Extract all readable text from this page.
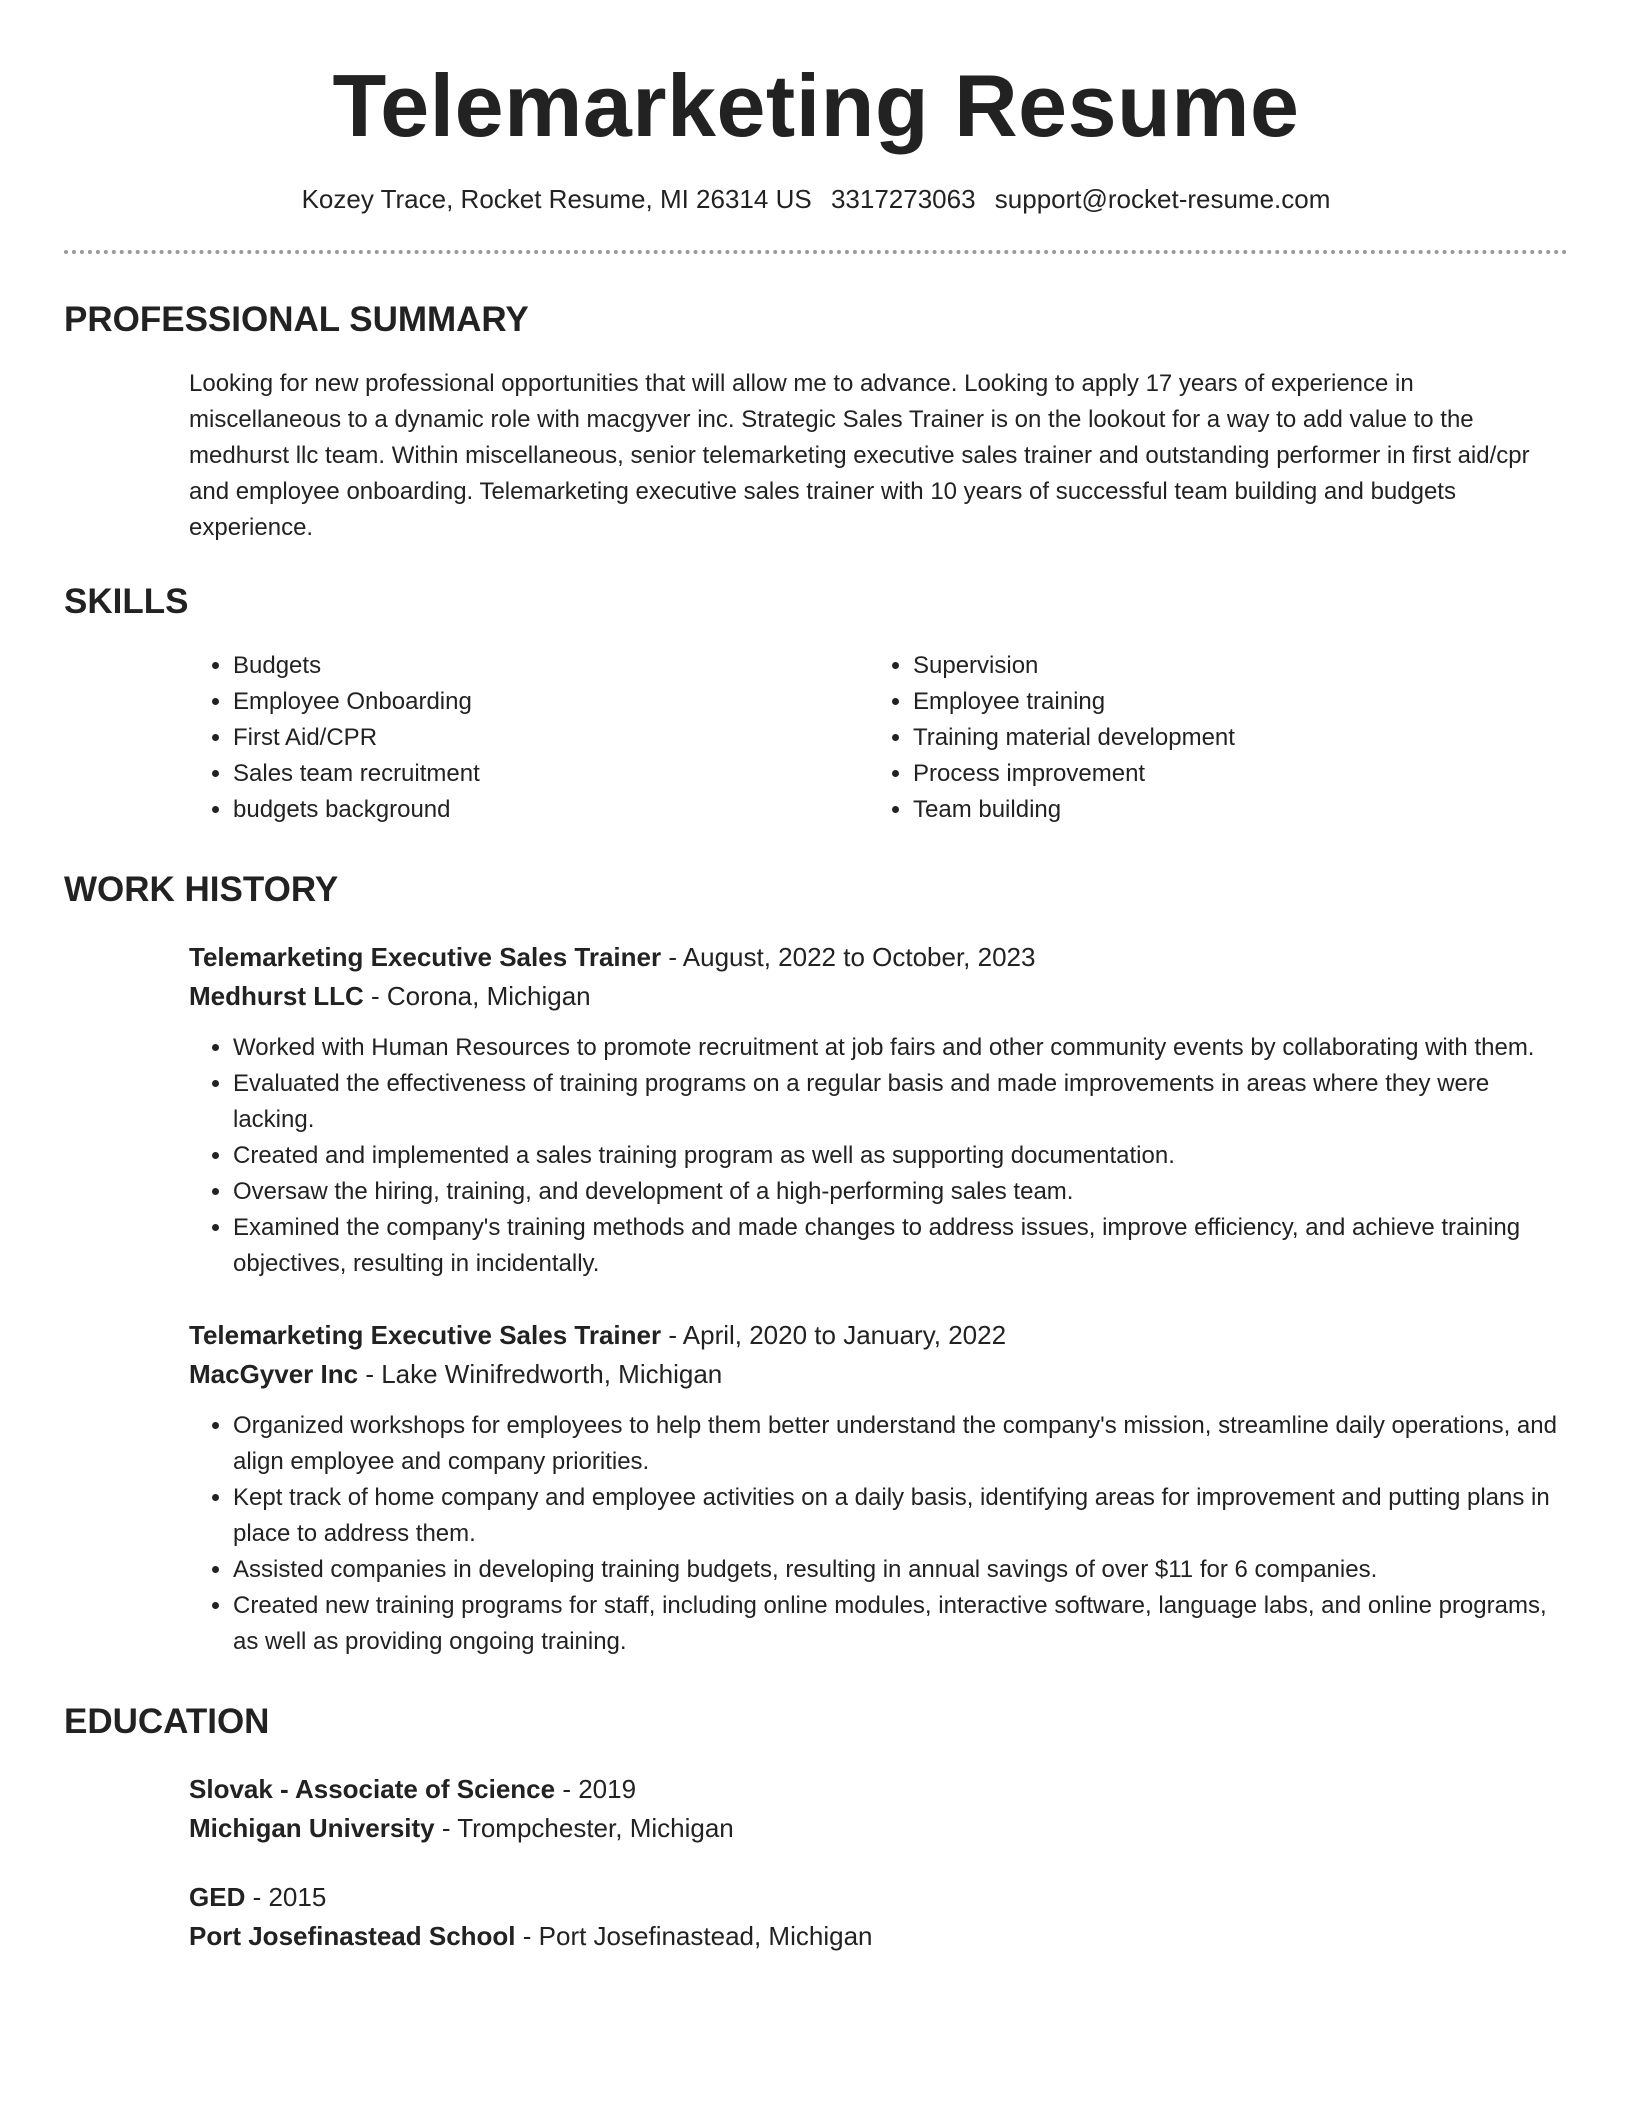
Telemarketing Resume
Kozey Trace, Rocket Resume, MI 26314 US 3317273063 support@rocket-resume.com
PROFESSIONAL SUMMARY

Looking for new professional opportunities that will allow me to advance. Looking to apply 17 years of experience in miscellaneous to a dynamic role with macgyver inc. Strategic Sales Trainer is on the lookout for a way to add value to the medhurst llc team. Within miscellaneous, senior telemarketing executive sales trainer and outstanding performer in first aid/cpr and employee onboarding. Telemarketing executive sales trainer with 10 years of successful team building and budgets experience.

SKILLS
• Budgets
• Employee Onboarding
• First Aid/CPR
• Sales team recruitment
• budgets background
• Supervision
• Employee training
• Training material development
• Process improvement
• Team building
WORK HISTORY
Telemarketing Executive Sales Trainer - August, 2022 to October, 2023
Medhurst LLC - Corona, Michigan
• Worked with Human Resources to promote recruitment at job fairs and other community events by collaborating with them.
• Evaluated the effectiveness of training programs on a regular basis and made improvements in areas where they were lacking.
• Created and implemented a sales training program as well as supporting documentation.
• Oversaw the hiring, training, and development of a high-performing sales team.
• Examined the company's training methods and made changes to address issues, improve efficiency, and achieve training objectives, resulting in incidentally.
Telemarketing Executive Sales Trainer - April, 2020 to January, 2022
MacGyver Inc - Lake Winifredworth, Michigan
• Organized workshops for employees to help them better understand the company's mission, streamline daily operations, and align employee and company priorities.
• Kept track of home company and employee activities on a daily basis, identifying areas for improvement and putting plans in place to address them.
• Assisted companies in developing training budgets, resulting in annual savings of over $11 for 6 companies.
• Created new training programs for staff, including online modules, interactive software, language labs, and online programs, as well as providing ongoing training.
EDUCATION
Slovak - Associate of Science - 2019
Michigan University - Trompchester, Michigan
GED - 2015
Port Josefinastead School - Port Josefinastead, Michigan
